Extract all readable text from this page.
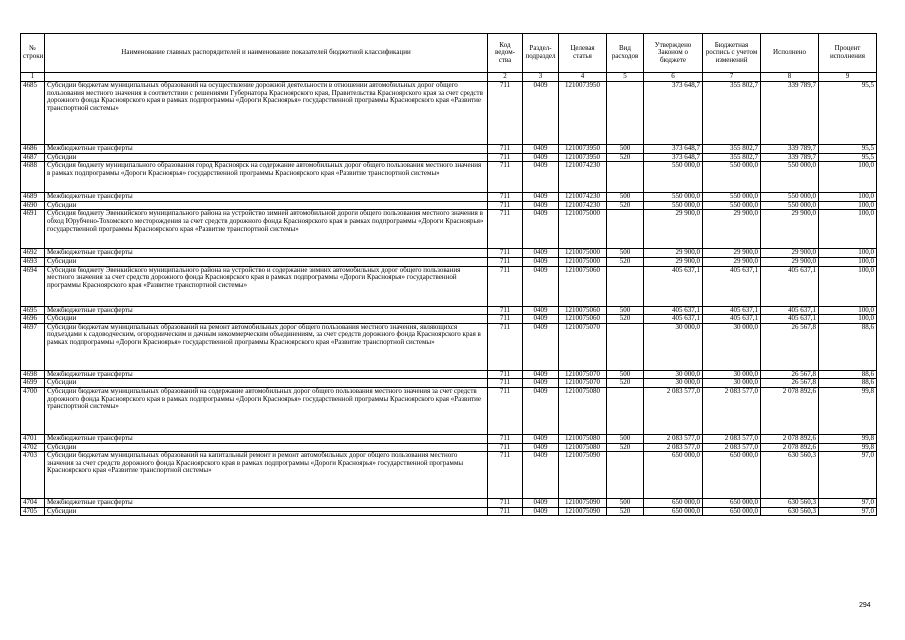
№ строки	Наименование главных распорядителей и наименование показателей бюджетной классификации	Код ведом-ства	Раздел-подраздел	Целевая статья	Вид расходов	Утверждено Законом о бюджете	Бюджетная роспись с учетом изменений	Исполнено	Процент исполнения
1		2	3	4	5	6	7	8	9
4685	Субсидии бюджетам муниципальных образований на осуществление дорожной деятельности в отношении автомобильных дорог общего пользования местного значения в соответствии с решениями Губернатора Красноярского края, Правительства Красноярского края за счет средств дорожного фонда Красноярского края в рамках подпрограммы «Дороги Красноярья» государственной программы Красноярского края «Развитие транспортной системы»	711	0409	1210073950		373 648,7	355 802,7	339 789,7	95,5
4686	Межбюджетные трансферты	711	0409	1210073950	500	373 648,7	355 802,7	339 789,7	95,5
4687	Субсидии	711	0409	1210073950	520	373 648,7	355 802,7	339 789,7	95,5
4688	Субсидия бюджету муниципального образования город Красноярск на содержание автомобильных дорог общего пользования местного значения в рамках подпрограммы «Дороги Красноярья» государственной программы Красноярского края «Развитие транспортной системы»	711	0409	1210074230		550 000,0	550 000,0	550 000,0	100,0
4689	Межбюджетные трансферты	711	0409	1210074230	500	550 000,0	550 000,0	550 000,0	100,0
4690	Субсидии	711	0409	1210074230	520	550 000,0	550 000,0	550 000,0	100,0
4691	Субсидия бюджету Эвенкийского муниципального района на устройство зимней автомобильной дороги общего пользования местного значения в обход Юрубчено-Тохомского месторождения за счет средств дорожного фонда Красноярского края в рамках подпрограммы «Дороги Красноярья» государственной программы Красноярского края «Развитие транспортной системы»	711	0409	1210075000		29 900,0	29 900,0	29 900,0	100,0
4692	Межбюджетные трансферты	711	0409	1210075000	500	29 900,0	29 900,0	29 900,0	100,0
4693	Субсидии	711	0409	1210075000	520	29 900,0	29 900,0	29 900,0	100,0
4694	Субсидия бюджету Эвенкийского муниципального района на устройство и содержание зимних автомобильных дорог общего пользования местного значения за счет средств дорожного фонда Красноярского края в рамках подпрограммы «Дороги Красноярья» государственной программы Красноярского края «Развитие транспортной системы»	711	0409	1210075060		405 637,1	405 637,1	405 637,1	100,0
4695	Межбюджетные трансферты	711	0409	1210075060	500	405 637,1	405 637,1	405 637,1	100,0
4696	Субсидии	711	0409	1210075060	520	405 637,1	405 637,1	405 637,1	100,0
4697	Субсидии бюджетам муниципальных образований на ремонт автомобильных дорог общего пользования местного значения, являющихся подъездами к садоводческим, огородническим и дачным некоммерческим объединениям, за счет средств дорожного фонда Красноярского края в рамках подпрограммы «Дороги Красноярья» государственной программы Красноярского края «Развитие транспортной системы»	711	0409	1210075070		30 000,0	30 000,0	26 567,8	88,6
4698	Межбюджетные трансферты	711	0409	1210075070	500	30 000,0	30 000,0	26 567,8	88,6
4699	Субсидии	711	0409	1210075070	520	30 000,0	30 000,0	26 567,8	88,6
4700	Субсидии бюджетам муниципальных образований на содержание автомобильных дорог общего пользования местного значения за счет средств дорожного фонда Красноярского края в рамках подпрограммы «Дороги Красноярья» государственной программы Красноярского края «Развитие транспортной системы»	711	0409	1210075080		2 083 577,0	2 083 577,0	2 078 892,6	99,8
4701	Межбюджетные трансферты	711	0409	1210075080	500	2 083 577,0	2 083 577,0	2 078 892,6	99,8
4702	Субсидии	711	0409	1210075080	520	2 083 577,0	2 083 577,0	2 078 892,6	99,8
4703	Субсидии бюджетам муниципальных образований на капитальный ремонт и ремонт автомобильных дорог общего пользования местного значения за счет средств дорожного фонда Красноярского края в рамках подпрограммы «Дороги Красноярья» государственной программы Красноярского края «Развитие транспортной системы»	711	0409	1210075090		650 000,0	650 000,0	630 560,3	97,0
4704	Межбюджетные трансферты	711	0409	1210075090	500	650 000,0	650 000,0	630 560,3	97,0
4705	Субсидии	711	0409	1210075090	520	650 000,0	650 000,0	630 560,3	97,0
294
